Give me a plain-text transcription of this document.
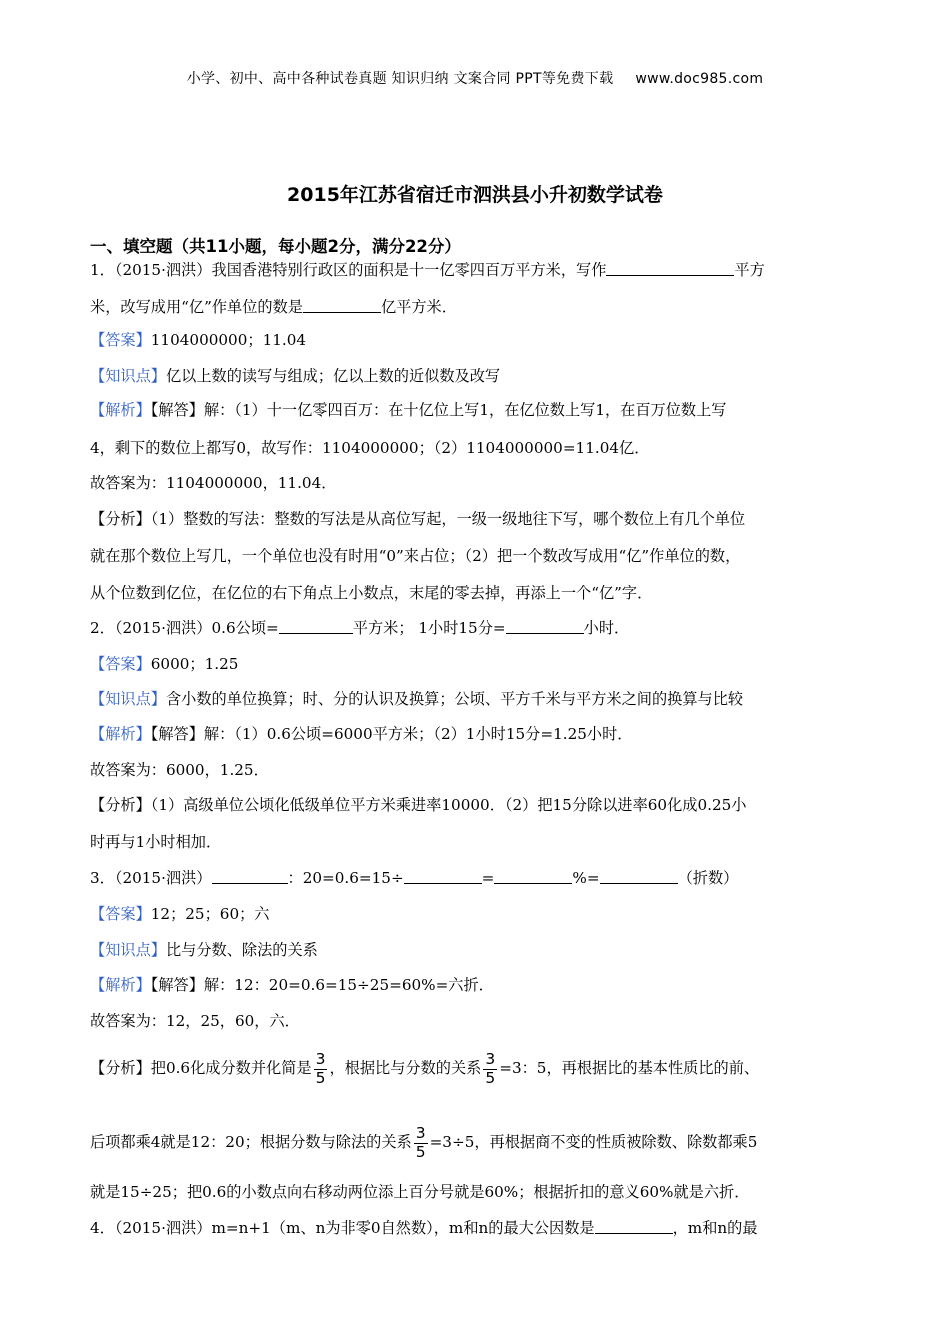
小学、初中、高中各种试卷真题 知识归纳 文案合同 PPT等免费下载 www.doc985.com
2015年江苏省宿迁市泗洪县小升初数学试卷
一、填空题（共11小题，每小题2分，满分22分）
1．（2015·泗洪）我国香港特别行政区的面积是十一亿零四百万平方米，写作	平方
米，改写成用“亿”作单位的数是	亿平方米．
【答案】1104000000；11.04
【知识点】亿以上数的读写与组成；亿以上数的近似数及改写
【解析】【解答】解：（1）十一亿零四百万：在十亿位上写1，在亿位数上写1，在百万位数上写
4，剩下的数位上都写0，故写作：1104000000；（2）1104000000=11.04亿．
故答案为：1104000000，11.04．
【分析】（1）整数的写法：整数的写法是从高位写起，一级一级地往下写，哪个数位上有几个单位
就在那个数位上写几，一个单位也没有时用“0”来占位；（2）把一个数改写成用“亿”作单位的数，
从个位数到亿位，在亿位的右下角点上小数点，末尾的零去掉，再添上一个“亿”字．
2．（2015·泗洪）0.6公顷=	平方米； 1小时15分=	小时．
【答案】6000；1.25
【知识点】含小数的单位换算；时、分的认识及换算；公顷、平方千米与平方米之间的换算与比较
【解析】【解答】解：（1）0.6公顷=6000平方米；（2）1小时15分=1.25小时．
故答案为：6000，1.25．
【分析】（1）高级单位公顷化低级单位平方米乘进率10000．（2）把15分除以进率60化成0.25小
时再与1小时相加．
3．（2015·泗洪）	：20=0.6=15÷	=	%=	（折数）
【答案】12；25；60；六
【知识点】比与分数、除法的关系
【解析】【解答】解：12：20=0.6=15÷25=60%=六折．
故答案为：12，25，60，六．
【分析】把0.6化成分数并化简是 $\frac{3}{5}$ ，根据比与分数的关系 $\frac{3}{5} =3$：5，再根据比的基本性质比的前、
后项都乘4就是12：20；根据分数与除法的关系 $\frac{3}{5} =3\div 5$，再根据商不变的性质被除数、除数都乘5
就是15÷25；把0.6的小数点向右移动两位添上百分号就是60%；根据折扣的意义60%就是六折．
4．（2015·泗洪）m=n+1（m、n为非零0自然数），m和n的最大公因数是	，m和n的最
